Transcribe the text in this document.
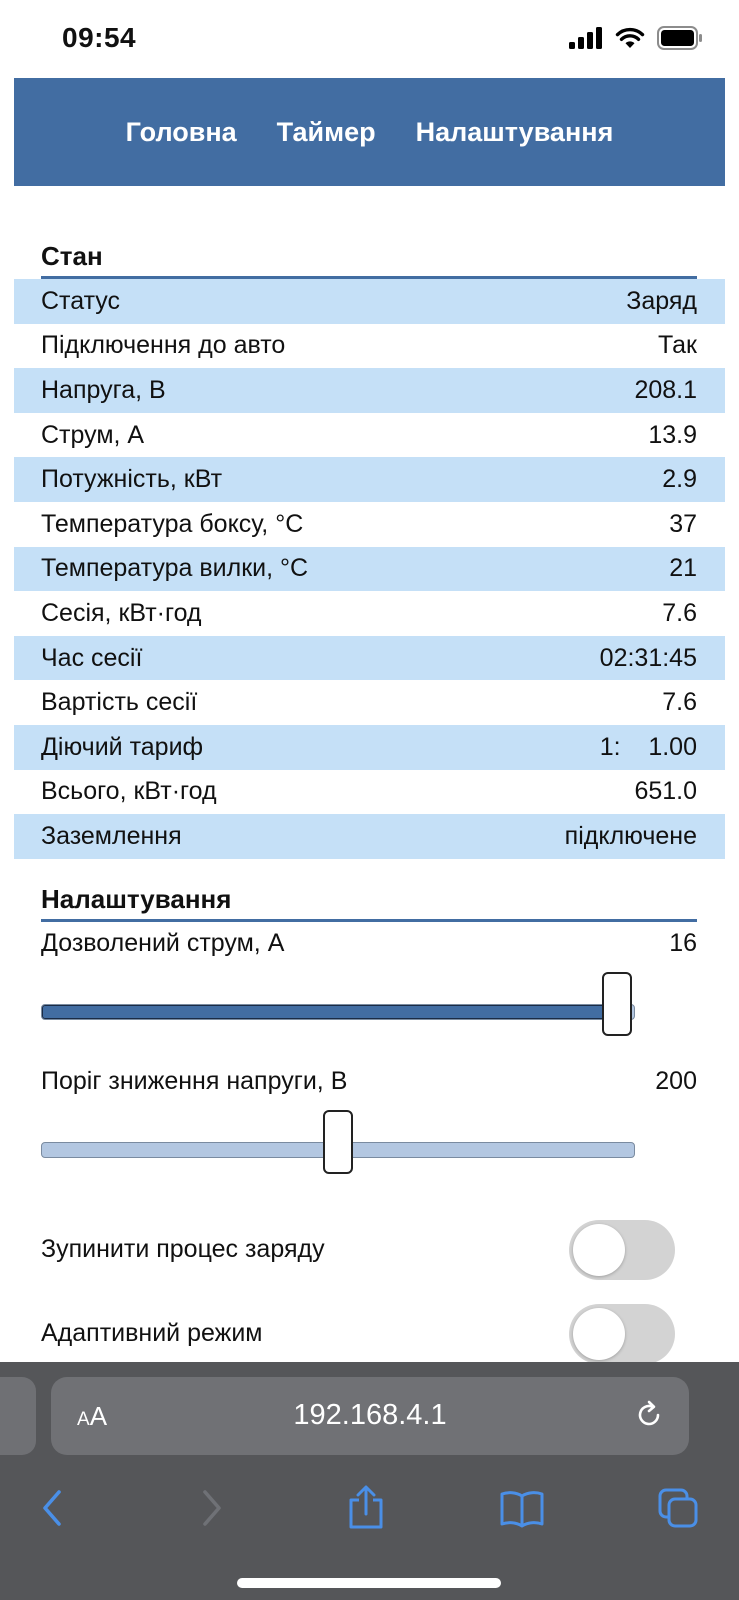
09:54
Головна Таймер Налаштування
Стан
Статус	Заряд
Підключення до авто	Так
Напруга, В	208.1
Струм, А	13.9
Потужність, кВт	2.9
Температура боксу, °C	37
Температура вилки, °C	21
Сесія, кВт·год	7.6
Час сесії	02:31:45
Вартість сесії	7.6
Діючий тариф	1:    1.00
Всього, кВт·год	651.0
Заземлення	підключене
Налаштування
Дозволений струм, А	16
Поріг зниження напруги, В	200
Зупинити процес заряду
Адаптивний режим
AA	192.168.4.1
